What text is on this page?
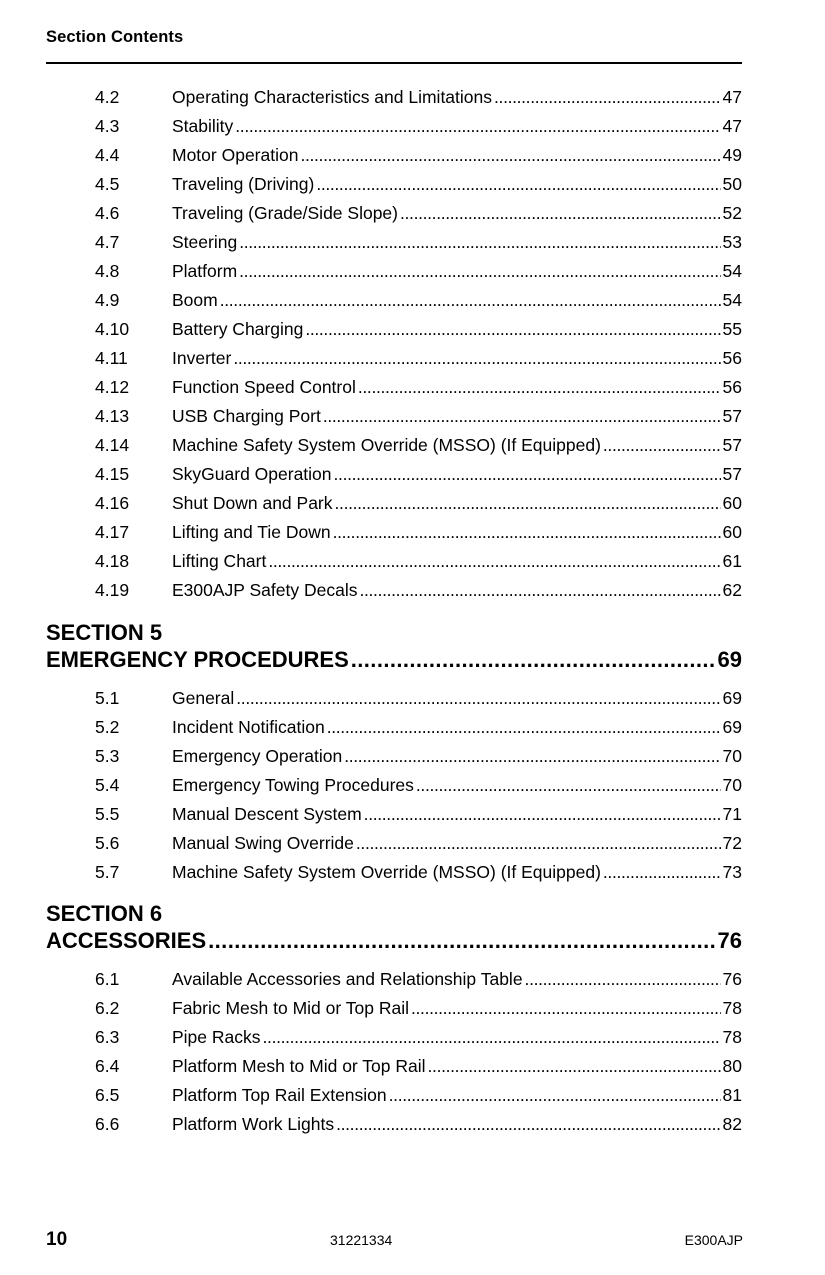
Section Contents
4.2	Operating Characteristics and Limitations . . .	47
4.3	Stability . . .	47
4.4	Motor Operation . . .	49
4.5	Traveling (Driving) . . .	50
4.6	Traveling (Grade/Side Slope) . . .	52
4.7	Steering . . .	53
4.8	Platform . . .	54
4.9	Boom . . .	54
4.10	Battery Charging . . .	55
4.11	Inverter . . .	56
4.12	Function Speed Control . . .	56
4.13	USB Charging Port . . .	57
4.14	Machine Safety System Override (MSSO) (If Equipped) . . .	57
4.15	SkyGuard Operation . . .	57
4.16	Shut Down and Park . . .	60
4.17	Lifting and Tie Down . . .	60
4.18	Lifting Chart . . .	61
4.19	E300AJP Safety Decals . . .	62
SECTION 5
EMERGENCY PROCEDURES .....	69
5.1	General . . .	69
5.2	Incident Notification . . .	69
5.3	Emergency Operation . . .	70
5.4	Emergency Towing Procedures . . .	70
5.5	Manual Descent System . . .	71
5.6	Manual Swing Override . . .	72
5.7	Machine Safety System Override (MSSO) (If Equipped) . . .	73
SECTION 6
ACCESSORIES .....	76
6.1	Available Accessories and Relationship Table . . .	76
6.2	Fabric Mesh to Mid or Top Rail . . .	78
6.3	Pipe Racks . . .	78
6.4	Platform Mesh to Mid or Top Rail . . .	80
6.5	Platform Top Rail Extension . . .	81
6.6	Platform Work Lights . . .	82
10	31221334	E300AJP
